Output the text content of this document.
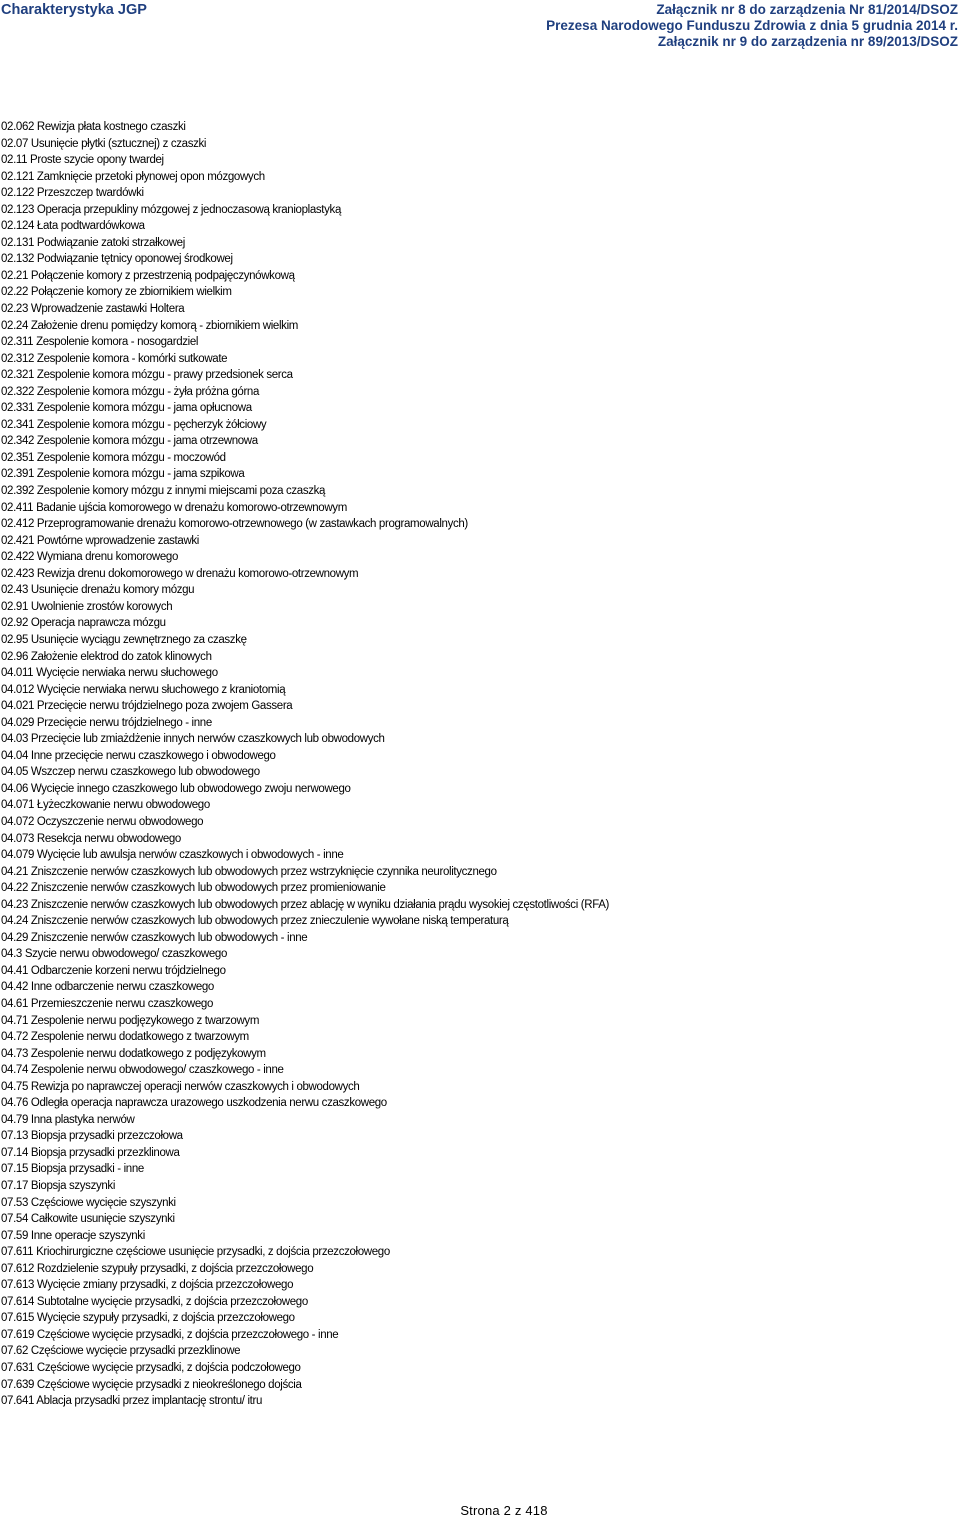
Charakterystyka JGP	Załącznik nr 8 do zarządzenia Nr 81/2014/DSOZ
Prezesa Narodowego Funduszu Zdrowia z dnia 5 grudnia 2014 r.
Załącznik nr 9 do zarządzenia nr 89/2013/DSOZ
02.062 Rewizja płata kostnego czaszki
02.07 Usunięcie płytki (sztucznej) z czaszki
02.11 Proste szycie opony twardej
02.121 Zamknięcie przetoki płynowej opon mózgowych
02.122 Przeszczep twardówki
02.123 Operacja przepukliny mózgowej z jednoczasową kranioplastyką
02.124 Łata podtwardówkowa
02.131 Podwiązanie zatoki strzałkowej
02.132 Podwiązanie tętnicy oponowej środkowej
02.21 Połączenie komory z przestrzenią podpajęczynówkową
02.22 Połączenie komory ze zbiornikiem wielkim
02.23 Wprowadzenie zastawki Holtera
02.24 Założenie drenu pomiędzy komorą - zbiornikiem wielkim
02.311 Zespolenie komora - nosogardziel
02.312 Zespolenie komora - komórki sutkowate
02.321 Zespolenie komora mózgu - prawy przedsionek serca
02.322 Zespolenie komora mózgu - żyła próżna górna
02.331 Zespolenie komora mózgu - jama opłucnowa
02.341 Zespolenie komora mózgu - pęcherzyk żółciowy
02.342 Zespolenie komora mózgu - jama otrzewnowa
02.351 Zespolenie komora mózgu - moczowód
02.391 Zespolenie komora mózgu - jama szpikowa
02.392 Zespolenie komory mózgu z innymi miejscami poza czaszką
02.411 Badanie ujścia komorowego w drenażu komorowo-otrzewnowym
02.412 Przeprogramowanie drenażu komorowo-otrzewnowego (w zastawkach programowalnych)
02.421 Powtórne wprowadzenie zastawki
02.422 Wymiana drenu komorowego
02.423 Rewizja drenu dokomorowego w drenażu komorowo-otrzewnowym
02.43 Usunięcie drenażu komory mózgu
02.91 Uwolnienie zrostów korowych
02.92 Operacja naprawcza mózgu
02.95 Usunięcie wyciągu zewnętrznego za czaszkę
02.96 Założenie elektrod do zatok klinowych
04.011 Wycięcie nerwiaka nerwu słuchowego
04.012 Wycięcie nerwiaka nerwu słuchowego z kraniotomią
04.021 Przecięcie nerwu trójdzielnego poza zwojem Gassera
04.029 Przecięcie nerwu trójdzielnego - inne
04.03 Przecięcie lub zmiażdżenie innych nerwów czaszkowych lub obwodowych
04.04 Inne przecięcie nerwu czaszkowego i obwodowego
04.05 Wszczep nerwu czaszkowego lub obwodowego
04.06 Wycięcie innego czaszkowego lub obwodowego zwoju nerwowego
04.071 Łyżeczkowanie nerwu obwodowego
04.072 Oczyszczenie nerwu obwodowego
04.073 Resekcja nerwu obwodowego
04.079 Wycięcie lub awulsja nerwów czaszkowych i obwodowych - inne
04.21 Zniszczenie nerwów czaszkowych lub obwodowych przez wstrzyknięcie czynnika neurolitycznego
04.22 Zniszczenie nerwów czaszkowych lub obwodowych przez promieniowanie
04.23 Zniszczenie nerwów czaszkowych lub obwodowych przez ablację w wyniku działania prądu wysokiej częstotliwości (RFA)
04.24 Zniszczenie nerwów czaszkowych lub obwodowych przez znieczulenie wywołane niską temperaturą
04.29 Zniszczenie nerwów czaszkowych lub obwodowych - inne
04.3 Szycie nerwu obwodowego/ czaszkowego
04.41 Odbarczenie korzeni nerwu trójdzielnego
04.42 Inne odbarczenie nerwu czaszkowego
04.61 Przemieszczenie nerwu czaszkowego
04.71 Zespolenie nerwu podjęzykowego z twarzowym
04.72 Zespolenie nerwu dodatkowego z twarzowym
04.73 Zespolenie nerwu dodatkowego z podjęzykowym
04.74 Zespolenie nerwu obwodowego/ czaszkowego - inne
04.75 Rewizja po naprawczej operacji nerwów czaszkowych i obwodowych
04.76 Odległa operacja naprawcza urazowego uszkodzenia nerwu czaszkowego
04.79 Inna plastyka nerwów
07.13 Biopsja przysadki przezczołowa
07.14 Biopsja przysadki przezklinowa
07.15 Biopsja przysadki - inne
07.17 Biopsja szyszynki
07.53 Częściowe wycięcie szyszynki
07.54 Całkowite usunięcie szyszynki
07.59 Inne operacje szyszynki
07.611 Kriochirurgiczne częściowe usunięcie przysadki, z dojścia przezczołowego
07.612 Rozdzielenie szypuły przysadki, z dojścia przezczołowego
07.613 Wycięcie zmiany przysadki, z dojścia przezczołowego
07.614 Subtotalne wycięcie przysadki, z dojścia przezczołowego
07.615 Wycięcie szypuły przysadki, z dojścia przezczołowego
07.619 Częściowe wycięcie przysadki, z dojścia przezczołowego - inne
07.62 Częściowe wycięcie przysadki przezklinowe
07.631 Częściowe wycięcie przysadki, z dojścia podczołowego
07.639 Częściowe wycięcie przysadki z nieokreślonego dojścia
07.641 Ablacja przysadki przez implantację strontu/ itru
Strona 2 z 418
